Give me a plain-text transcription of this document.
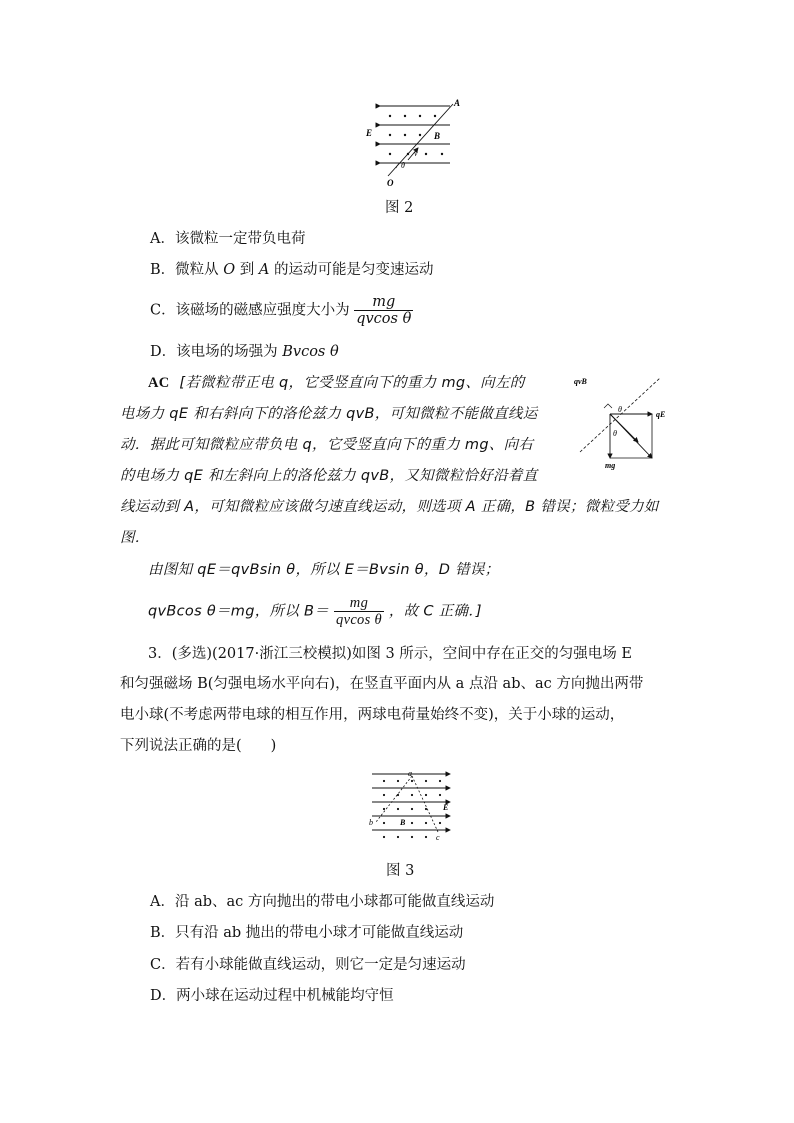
A
E	B
v
θ
O
图 2
A．该微粒一定带负电荷
B．微粒从 O 到 A 的运动可能是匀变速运动
C．该磁场的磁感应强度大小为 $\frac{mg}{\text{qvcos θ}}$
D．该电场的场强为 Bvcos θ
AC [若微粒带正电 q，它受竖直向下的重力 mg、向左的
电场力 qE 和右斜向下的洛伦兹力 qvB，可知微粒不能做直线运
动．据此可知微粒应带负电 q，它受竖直向下的重力 mg、向右
的电场力 qE 和左斜向上的洛伦兹力 qvB，又知微粒恰好沿着直
线运动到 A，可知微粒应该做匀速直线运动，则选项 A 正确，B 错误；微粒受力如
图．
由图知 qE＝qvBsin θ，所以 E＝Bvsin θ，D 错误；
qvBcos θ＝mg，所以 $B= \frac{mg}{\text{qvcos θ}}$ ，故 C 正确．]
qvB
θ
qE
θ
mg
3．(多选)(2017·浙江三校模拟)如图 3 所示，空间中存在正交的匀强电场 E
和匀强磁场 B(匀强电场水平向右)，在竖直平面内从 a 点沿 ab、ac 方向抛出两带
电小球(不考虑两带电球的相互作用，两球电荷量始终不变)，关于小球的运动，
下列说法正确的是(　　)
a
E
b	B
c
图 3
A．沿 ab、ac 方向抛出的带电小球都可能做直线运动
B．只有沿 ab 抛出的带电小球才可能做直线运动
C．若有小球能做直线运动，则它一定是匀速运动
D．两小球在运动过程中机械能均守恒
